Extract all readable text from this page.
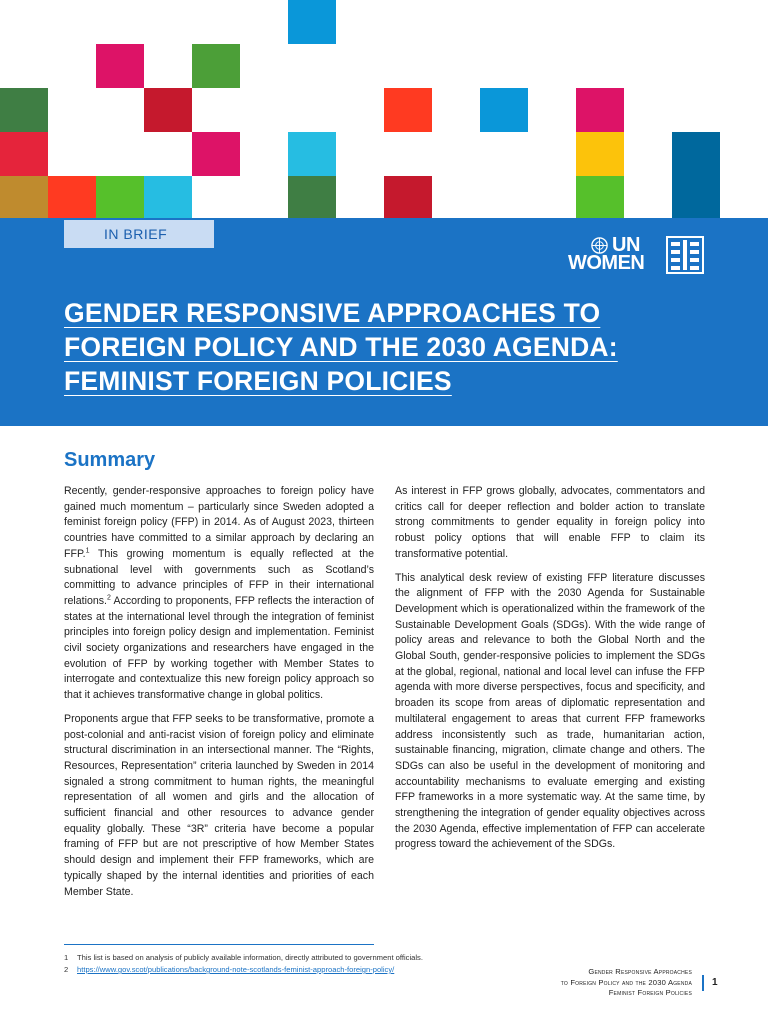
IN BRIEF	UN
WOMEN
GENDER RESPONSIVE APPROACHES TO
FOREIGN POLICY AND THE 2030 AGENDA:
FEMINIST FOREIGN POLICIES
Summary

Recently, gender-responsive approaches to foreign policy have gained much momentum – particularly since Sweden adopted a feminist foreign policy (FFP) in 2014. As of August 2023, thirteen countries have committed to a similar approach by declaring an FFP.$^1$ This growing momentum is equally reflected at the subnational level with governments such as Scotland’s committing to advance principles of FFP in their international relations.$^2$ According to proponents, FFP reflects the interaction of states at the international level through the integration of feminist principles into foreign policy design and implementation. Feminist civil society organizations and researchers have engaged in the evolution of FFP by working together with Member States to interrogate and contextualize this new foreign policy approach so that it achieves transformative change in global politics.

Proponents argue that FFP seeks to be transformative, promote a post-colonial and anti-racist vision of foreign policy and eliminate structural discrimination in an intersectional manner. The “Rights, Resources, Representation” criteria launched by Sweden in 2014 signaled a strong commitment to human rights, the meaningful representation of all women and girls and the allocation of sufficient financial and other resources to advance gender equality globally. These “3R” criteria have become a popular framing of FFP but are not prescriptive of how Member States should design and implement their FFP frameworks, which are typically shaped by the internal identities and priorities of each Member State.

As interest in FFP grows globally, advocates, commentators and critics call for deeper reflection and bolder action to translate strong commitments to gender equality in foreign policy into robust policy options that will enable FFP to claim its transformative potential.

This analytical desk review of existing FFP literature discusses the alignment of FFP with the 2030 Agenda for Sustainable Development which is operationalized within the framework of the Sustainable Development Goals (SDGs). With the wide range of policy areas and relevance to both the Global North and the Global South, gender-responsive policies to implement the SDGs at the global, regional, national and local level can infuse the FFP agenda with more diverse perspectives, focus and specificity, and broaden its scope from areas of diplomatic representation and multilateral engagement to areas that current FFP frameworks address inconsistently such as trade, humanitarian action, sustainable financing, migration, climate change and others. The SDGs can also be useful in the development of monitoring and accountability mechanisms to evaluate emerging and existing FFP frameworks in a more systematic way. At the same time, by strengthening the integration of gender equality objectives across the 2030 Agenda, effective implementation of FFP can accelerate progress toward the achievement of the SDGs.

1 This list is based on analysis of publicly available information, directly attributed to government officials.
2 https://www.gov.scot/publications/background-note-scotlands-feminist-approach-foreign-policy/	Gender Responsive Approaches
to Foreign Policy and the 2030 Agenda
Feminist Foreign Policies
1
